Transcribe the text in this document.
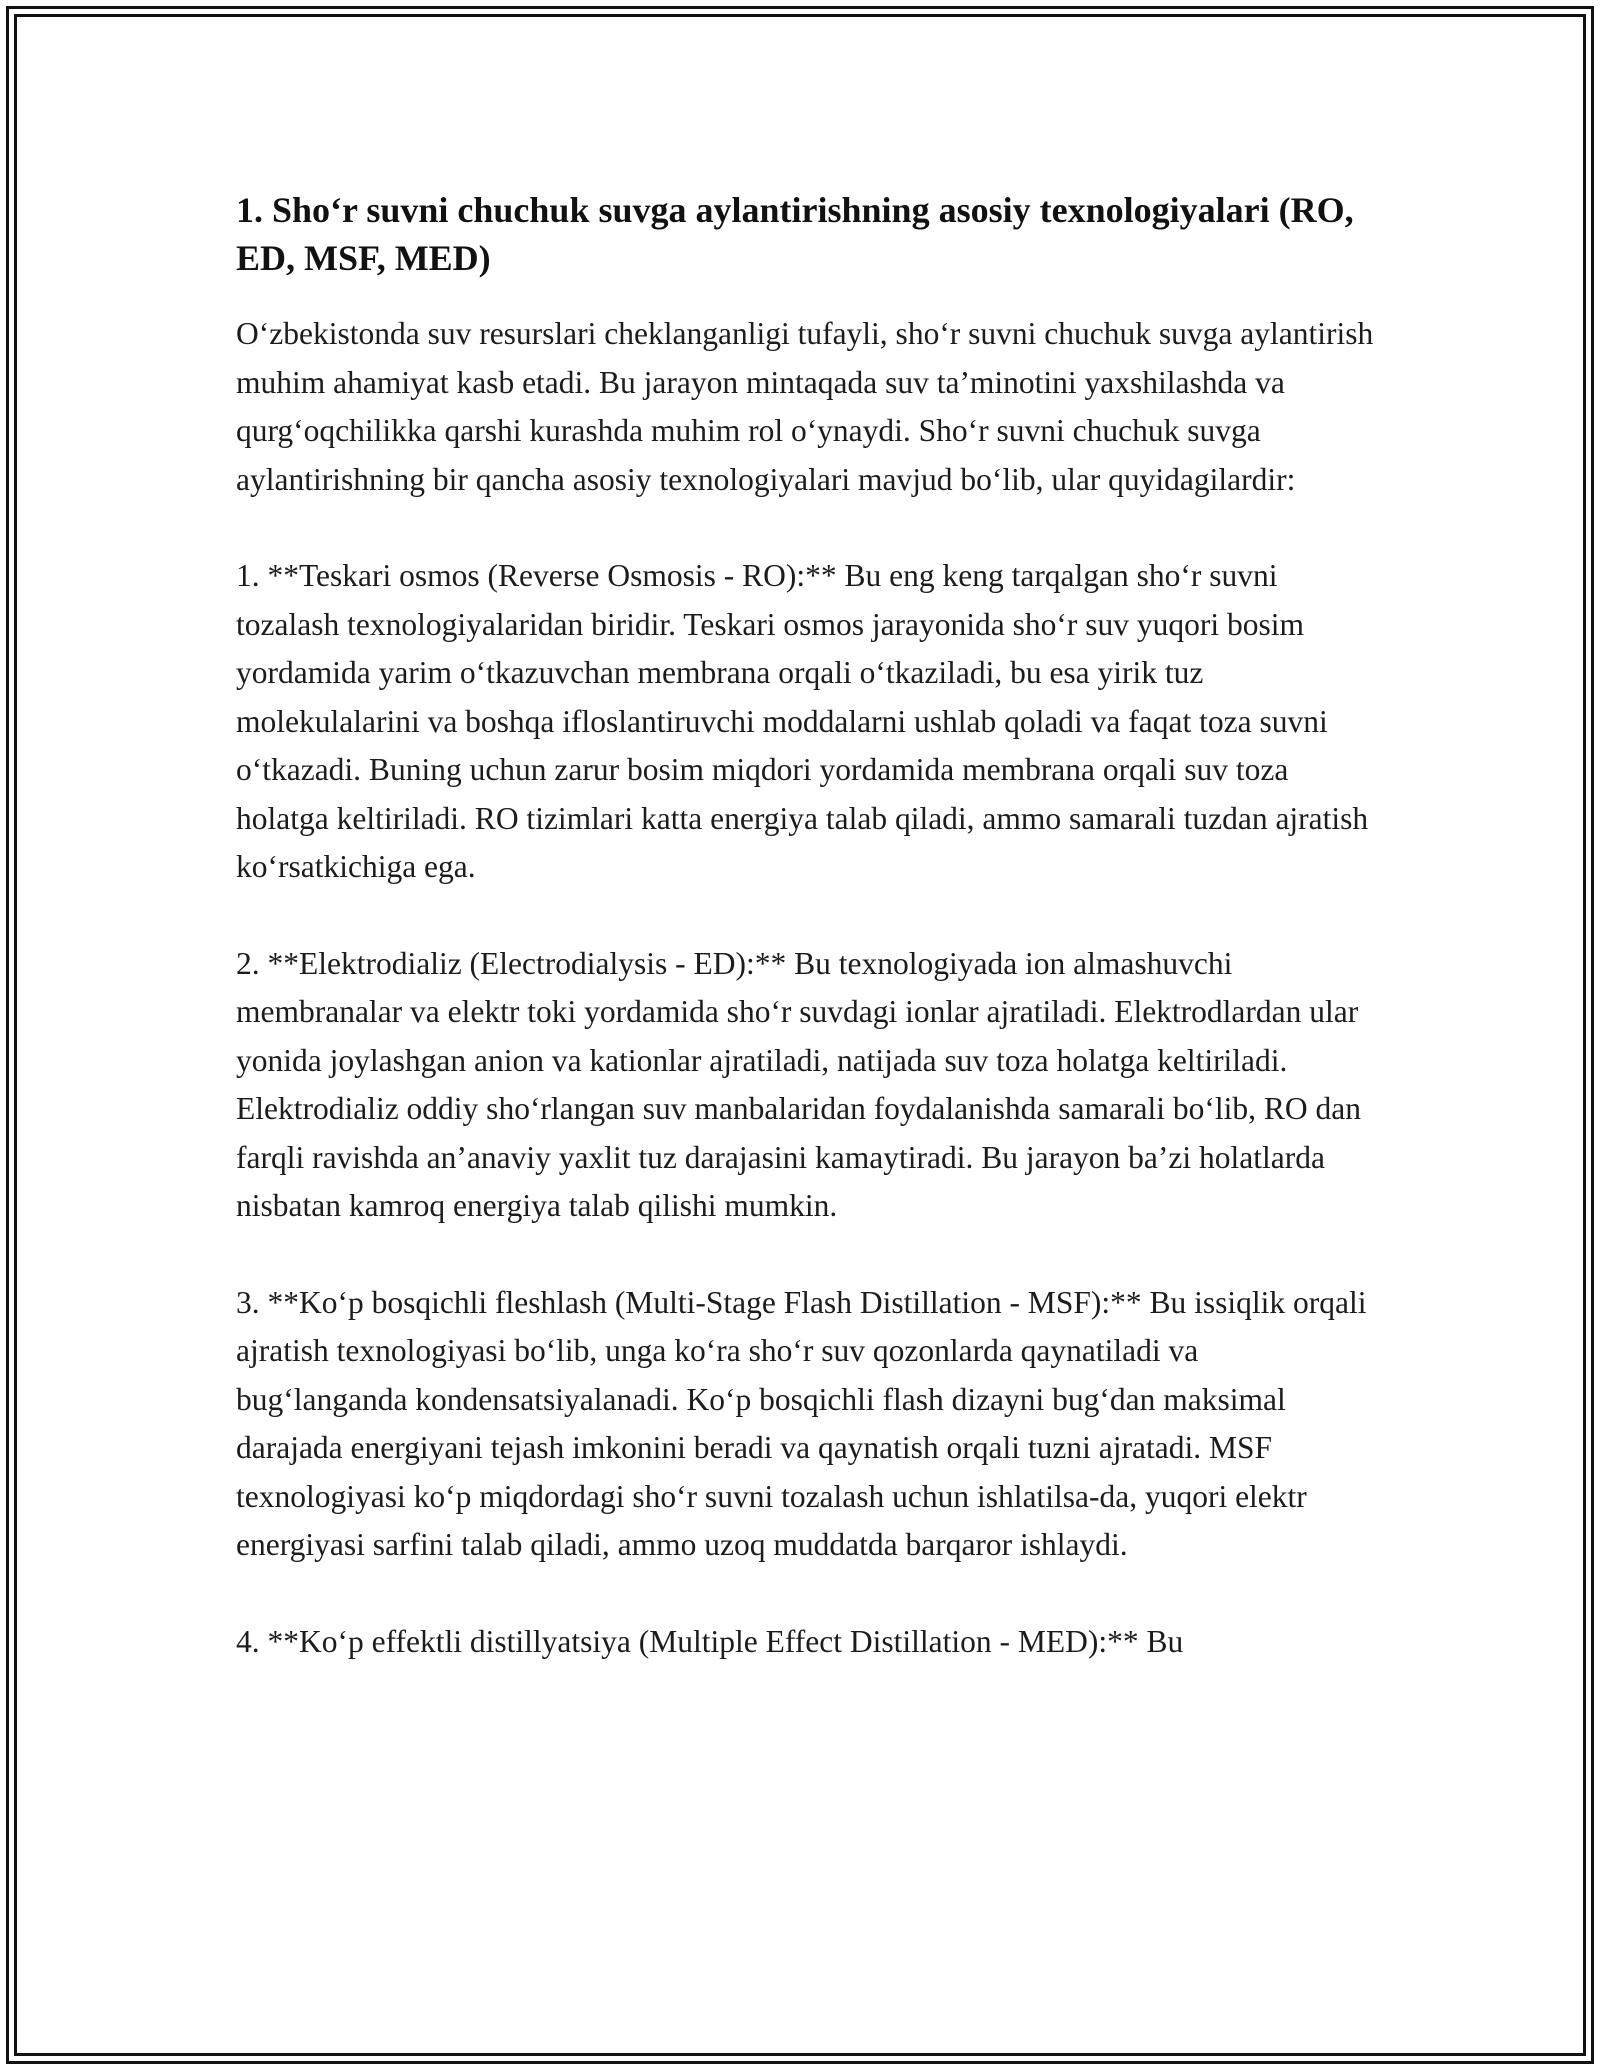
1. Sho‘r suvni chuchuk suvga aylantirishning asosiy texnologiyalari (RO, ED, MSF, MED)

O‘zbekistonda suv resurslari cheklanganligi tufayli, sho‘r suvni chuchuk suvga aylantirish muhim ahamiyat kasb etadi. Bu jarayon mintaqada suv ta’minotini yaxshilashda va qurg‘oqchilikka qarshi kurashda muhim rol o‘ynaydi. Sho‘r suvni chuchuk suvga aylantirishning bir qancha asosiy texnologiyalari mavjud bo‘lib, ular quyidagilardir:

1. **Teskari osmos (Reverse Osmosis - RO):** Bu eng keng tarqalgan sho‘r suvni tozalash texnologiyalaridan biridir. Teskari osmos jarayonida sho‘r suv yuqori bosim yordamida yarim o‘tkazuvchan membrana orqali o‘tkaziladi, bu esa yirik tuz molekulalarini va boshqa ifloslantiruvchi moddalarni ushlab qoladi va faqat toza suvni o‘tkazadi. Buning uchun zarur bosim miqdori yordamida membrana orqali suv toza holatga keltiriladi. RO tizimlari katta energiya talab qiladi, ammo samarali tuzdan ajratish ko‘rsatkichiga ega.

2. **Elektrodializ (Electrodialysis - ED):** Bu texnologiyada ion almashuvchi membranalar va elektr toki yordamida sho‘r suvdagi ionlar ajratiladi. Elektrodlardan ular yonida joylashgan anion va kationlar ajratiladi, natijada suv toza holatga keltiriladi. Elektrodializ oddiy sho‘rlangan suv manbalaridan foydalanishda samarali bo‘lib, RO dan farqli ravishda an’anaviy yaxlit tuz darajasini kamaytiradi. Bu jarayon ba’zi holatlarda nisbatan kamroq energiya talab qilishi mumkin.

3. **Ko‘p bosqichli fleshlash (Multi-Stage Flash Distillation - MSF):** Bu issiqlik orqali ajratish texnologiyasi bo‘lib, unga ko‘ra sho‘r suv qozonlarda qaynatiladi va bug‘langanda kondensatsiyalanadi. Ko‘p bosqichli flash dizayni bug‘dan maksimal darajada energiyani tejash imkonini beradi va qaynatish orqali tuzni ajratadi. MSF texnologiyasi ko‘p miqdordagi sho‘r suvni tozalash uchun ishlatilsa-da, yuqori elektr energiyasi sarfini talab qiladi, ammo uzoq muddatda barqaror ishlaydi.

4. **Ko‘p effektli distillyatsiya (Multiple Effect Distillation - MED):** Bu
